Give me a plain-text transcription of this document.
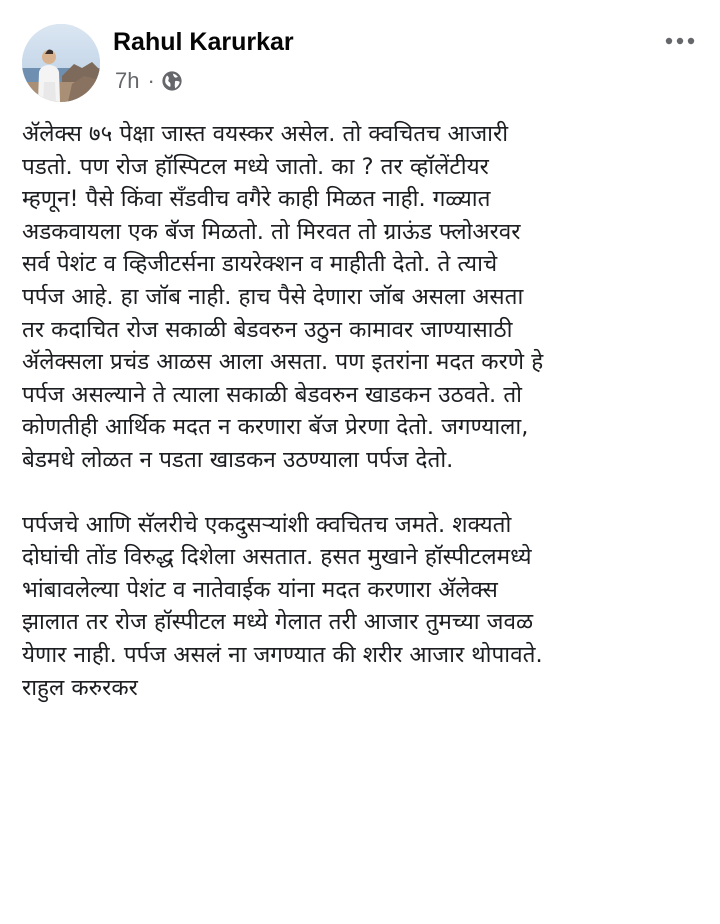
Rahul Karurkar
7h ·

ॲलेक्स ७५ पेक्षा जास्त वयस्कर असेल. तो क्वचितच आजारी
पडतो. पण रोज हॉस्पिटल मध्ये जातो. का ? तर व्हॉलेंटीयर
म्हणून! पैसे किंवा सँडवीच वगैरे काही मिळत नाही. गळ्यात
अडकवायला एक बॅज मिळतो. तो मिरवत तो ग्राऊंड फ्लोअरवर
सर्व पेशंट व व्हिजीटर्सना डायरेक्शन व माहीती देतो. ते त्याचे
पर्पज आहे. हा जॉब नाही. हाच पैसे देणारा जॉब असला असता
तर कदाचित रोज सकाळी बेडवरुन उठुन कामावर जाण्यासाठी
ॲलेक्सला प्रचंड आळस आला असता. पण इतरांना मदत करणे हे
पर्पज असल्याने ते त्याला सकाळी बेडवरुन खाडकन उठवते. तो
कोणतीही आर्थिक मदत न करणारा बॅज प्रेरणा देतो. जगण्याला,
बेडमधे लोळत न पडता खाडकन उठण्याला पर्पज देतो.

पर्पजचे आणि सॅलरीचे एकदुसऱ्यांशी क्वचितच जमते. शक्यतो
दोघांची तोंड विरुद्ध दिशेला असतात. हसत मुखाने हॉस्पीटलमध्ये
भांबावलेल्या पेशंट व नातेवाईक यांना मदत करणारा ॲलेक्स
झालात तर रोज हॉस्पीटल मध्ये गेलात तरी आजार तुमच्या जवळ
येणार नाही. पर्पज असलं ना जगण्यात की शरीर आजार थोपावते.
राहुल करुरकर
